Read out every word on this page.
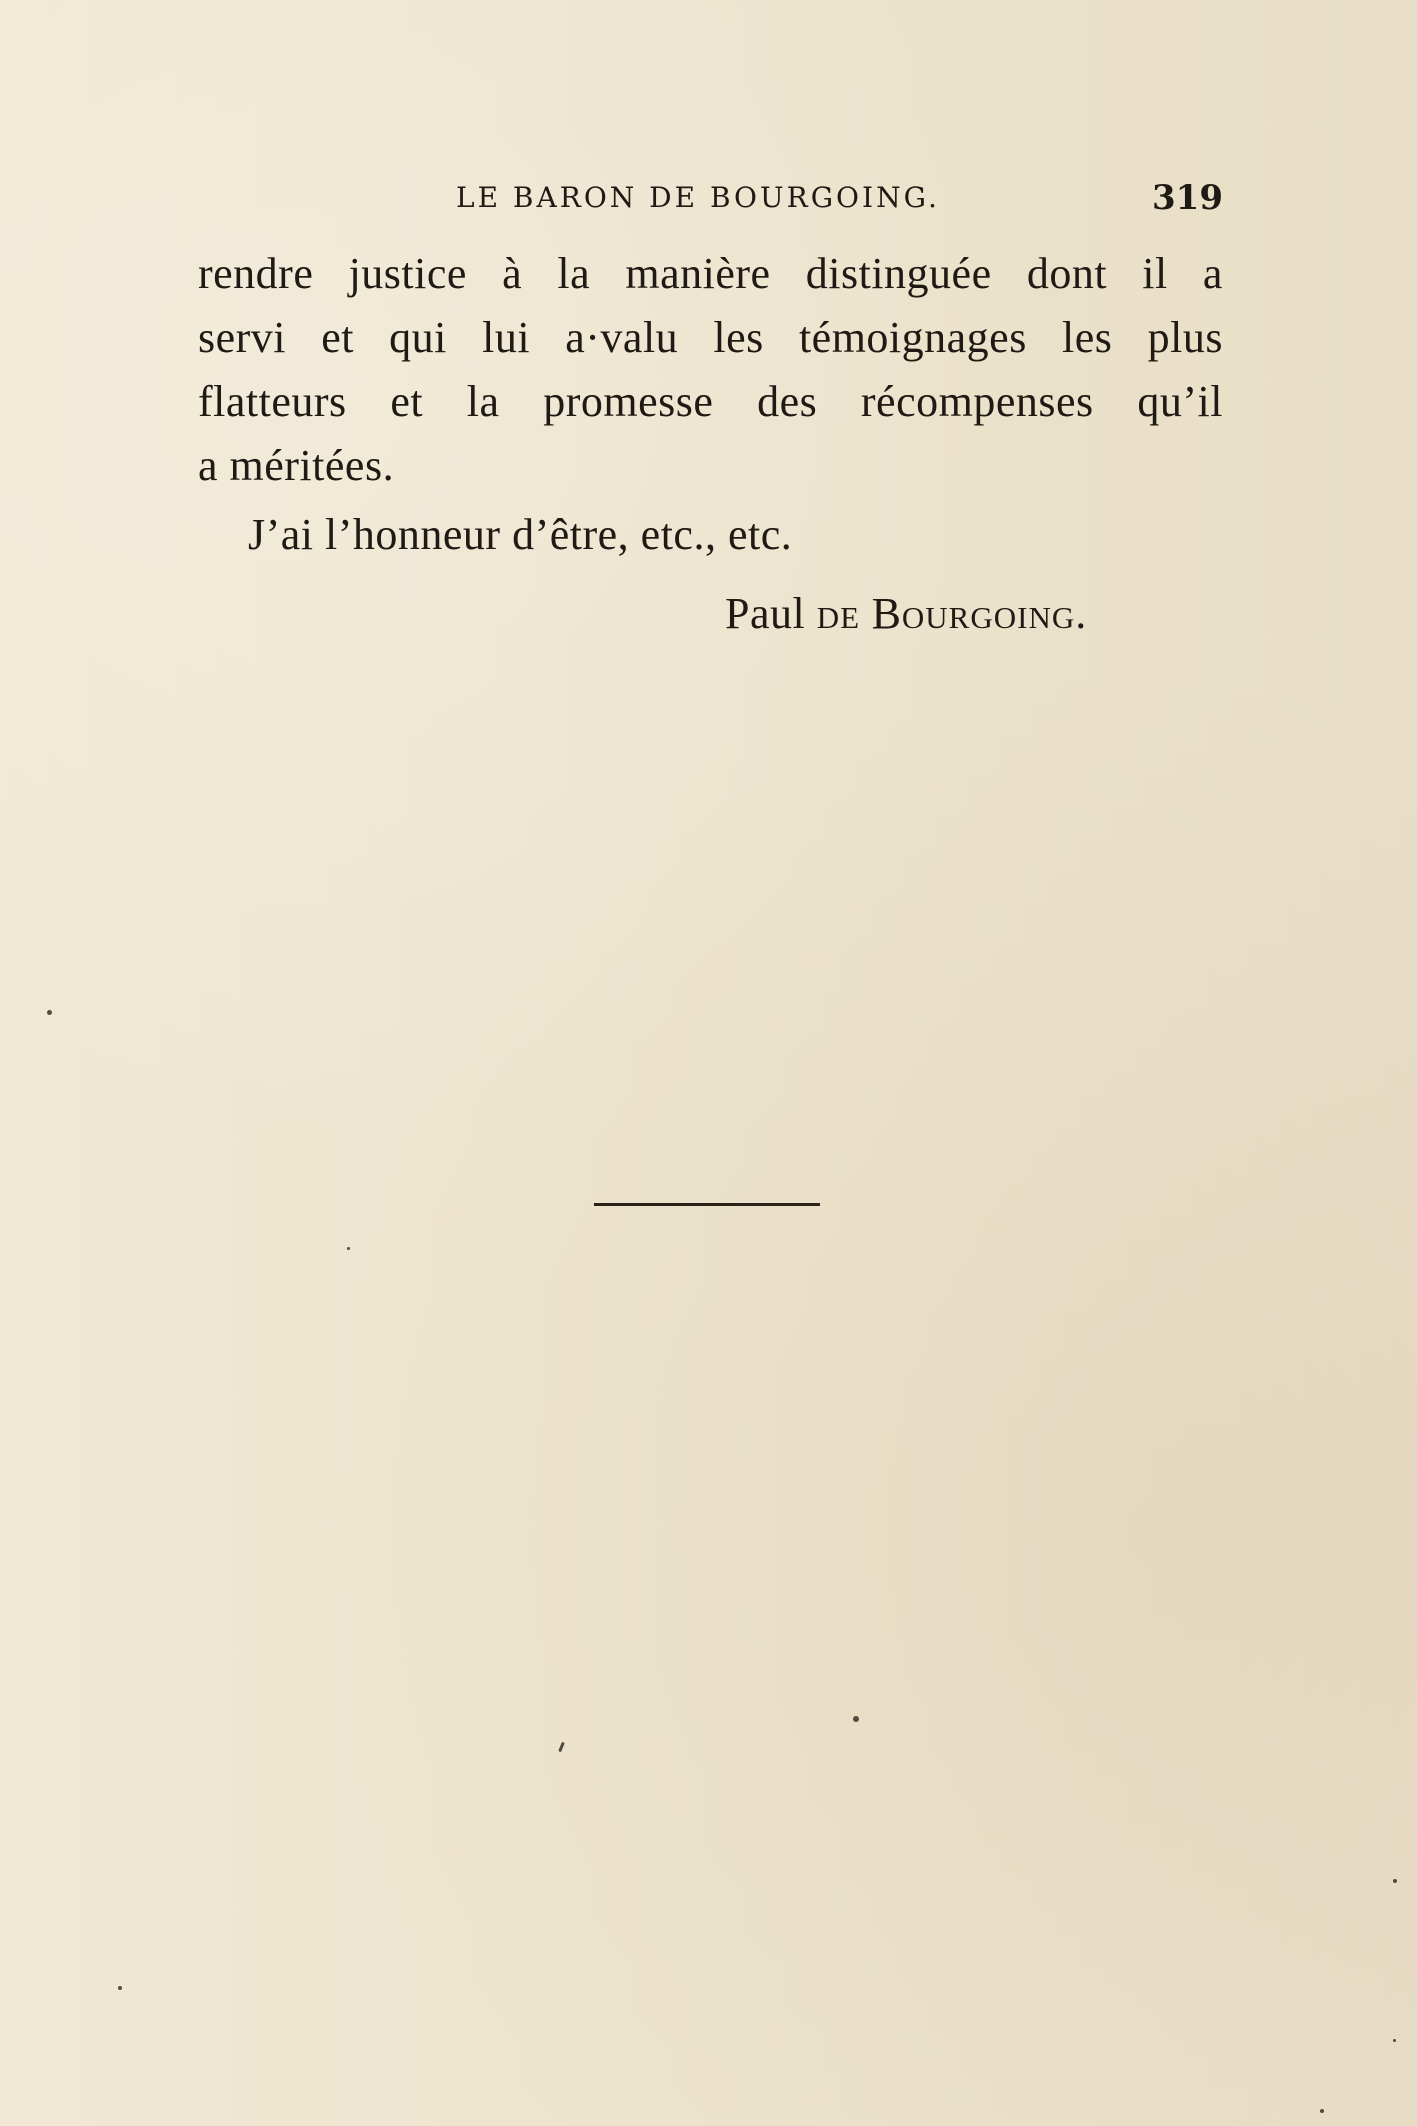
LE BARON DE BOURGOING.	319
rendre justice à la manière distinguée dont il a
servi et qui lui a·valu les témoignages les plus
flatteurs et la promesse des récompenses qu’il
a méritées.
J’ai l’honneur d’être, etc., etc.
Paul de Bourgoing.
